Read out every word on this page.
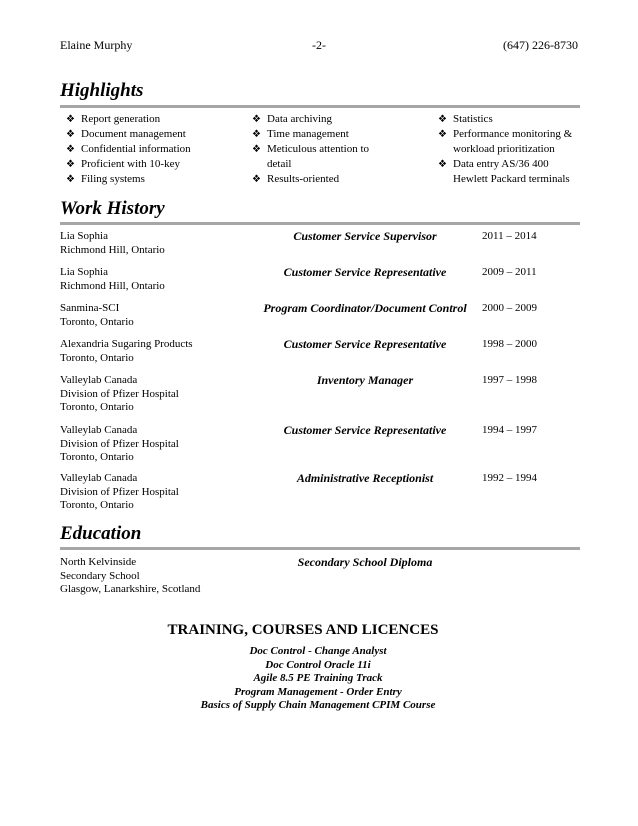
Elaine Murphy	-2-	(647) 226-8730
Highlights
❖ Report generation
❖ Document management
❖ Confidential information
❖ Proficient with 10-key
❖ Filing systems
❖ Data archiving
❖ Time management
❖ Meticulous attention to detail
❖ Results-oriented
❖ Statistics
❖ Performance monitoring & workload prioritization
❖ Data entry AS/36 400 Hewlett Packard terminals
Work History
Lia Sophia
Richmond Hill, Ontario
Customer Service Supervisor	2011 – 2014
Lia Sophia
Richmond Hill, Ontario
Customer Service Representative	2009 – 2011
Sanmina-SCI
Toronto, Ontario
Program Coordinator/Document Control	2000 – 2009
Alexandria Sugaring Products
Toronto, Ontario
Customer Service Representative	1998 – 2000
Valleylab Canada
Division of Pfizer Hospital
Toronto, Ontario
Inventory Manager	1997 – 1998
Valleylab Canada
Division of Pfizer Hospital
Toronto, Ontario
Customer Service Representative	1994 – 1997
Valleylab Canada
Division of Pfizer Hospital
Toronto, Ontario
Administrative Receptionist	1992 – 1994
Education
North Kelvinside
Secondary School
Glasgow, Lanarkshire, Scotland
Secondary School Diploma
TRAINING, COURSES AND LICENCES
Doc Control - Change Analyst
Doc Control Oracle 11i
Agile 8.5 PE Training Track
Program Management - Order Entry
Basics of Supply Chain Management CPIM Course
